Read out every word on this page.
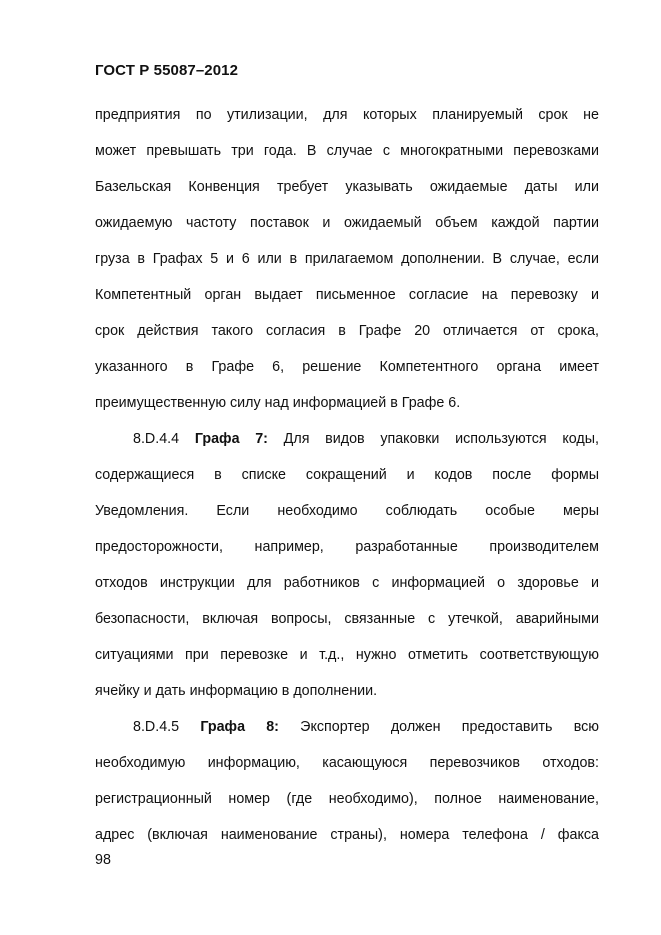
ГОСТ Р 55087–2012
предприятия по утилизации, для которых планируемый срок не
может превышать три года. В случае с многократными перевозками
Базельская Конвенция требует указывать ожидаемые даты или
ожидаемую частоту поставок и ожидаемый объем каждой партии
груза в Графах 5 и 6 или в прилагаемом дополнении. В случае, если
Компетентный орган выдает письменное согласие на перевозку и
срок действия такого согласия в Графе 20 отличается от срока,
указанного в Графе 6, решение Компетентного органа имеет
преимущественную силу над информацией в Графе 6.
8.D.4.4 Графа 7: Для видов упаковки используются коды,
содержащиеся в списке сокращений и кодов после формы
Уведомления. Если необходимо соблюдать особые меры
предосторожности, например, разработанные производителем
отходов инструкции для работников с информацией о здоровье и
безопасности, включая вопросы, связанные с утечкой, аварийными
ситуациями при перевозке и т.д., нужно отметить соответствующую
ячейку и дать информацию в дополнении.
8.D.4.5 Графа 8: Экспортер должен предоставить всю
необходимую информацию, касающуюся перевозчиков отходов:
регистрационный номер (где необходимо), полное наименование,
адрес (включая наименование страны), номера телефона / факса
98
